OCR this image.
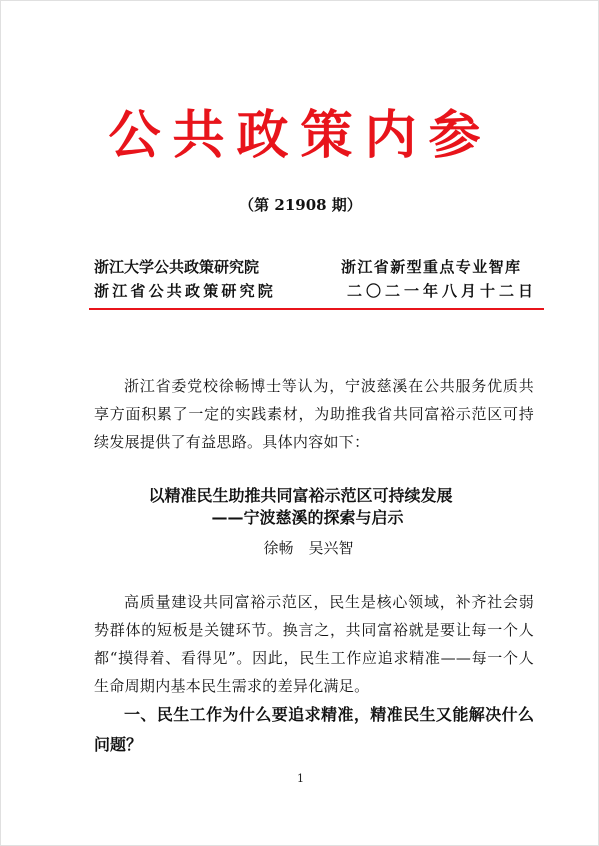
公共政策内参
（第 21908 期）
浙江大学公共政策研究院
浙江省公共政策研究院
浙江省新型重点专业智库
二〇二一年八月十二日

浙江省委党校徐畅博士等认为，宁波慈溪在公共服务优质共享方面积累了一定的实践素材，为助推我省共同富裕示范区可持续发展提供了有益思路。具体内容如下：

以精准民生助推共同富裕示范区可持续发展
——宁波慈溪的探索与启示
徐畅　吴兴智

高质量建设共同富裕示范区，民生是核心领域，补齐社会弱势群体的短板是关键环节。换言之，共同富裕就是要让每一个人都“摸得着、看得见”。因此，民生工作应追求精准——每一个人生命周期内基本民生需求的差异化满足。

一、民生工作为什么要追求精准，精准民生又能解决什么问题？
1
